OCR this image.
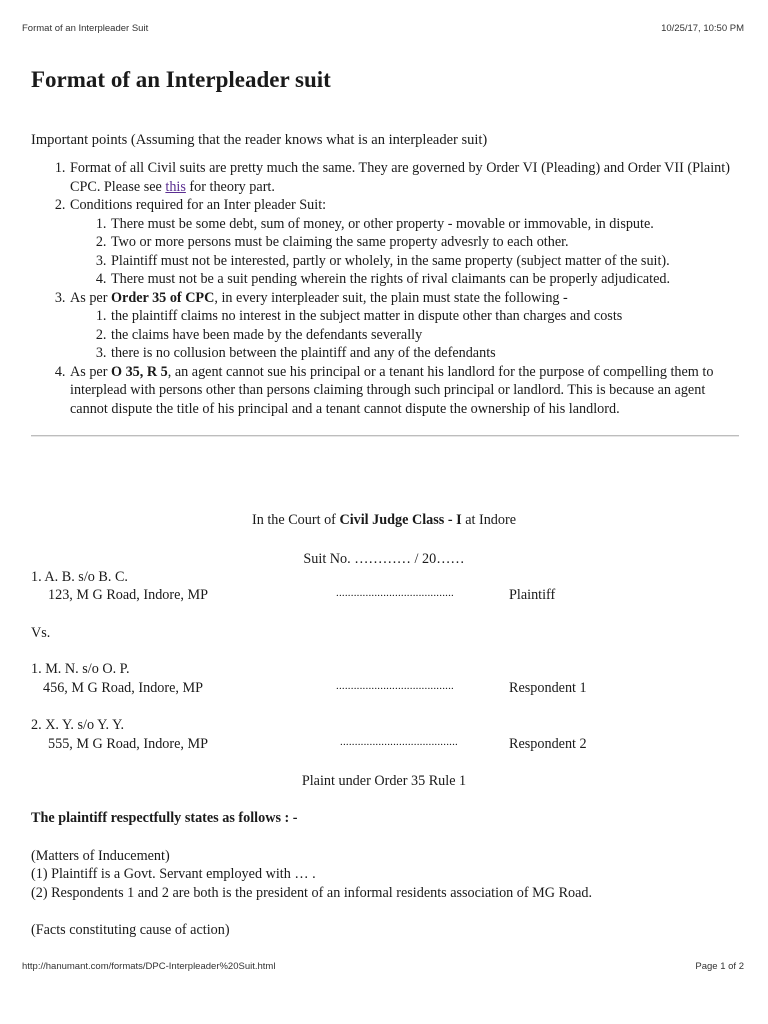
Format of an Interpleader Suit	10/25/17, 10:50 PM
Format of an Interpleader suit

Important points (Assuming that the reader knows what is an interpleader suit)

1. Format of all Civil suits are pretty much the same. They are governed by Order VI (Pleading) and Order VII (Plaint) CPC. Please see this for theory part.
2. Conditions required for an Inter pleader Suit:
1. There must be some debt, sum of money, or other property - movable or immovable, in dispute.
2. Two or more persons must be claiming the same property advesrly to each other.
3. Plaintiff must not be interested, partly or wholely, in the same property (subject matter of the suit).
4. There must not be a suit pending wherein the rights of rival claimants can be properly adjudicated.
3. As per Order 35 of CPC, in every interpleader suit, the plain must state the following -
1. the plaintiff claims no interest in the subject matter in dispute other than charges and costs
2. the claims have been made by the defendants severally
3. there is no collusion between the plaintiff and any of the defendants
4. As per O 35, R 5, an agent cannot sue his principal or a tenant his landlord for the purpose of compelling them to interplead with persons other than persons claiming through such principal or landlord. This is because an agent cannot dispute the title of his principal and a tenant cannot dispute the ownership of his landlord.
In the Court of Civil Judge Class - I at Indore
Suit No. ………… / 20……
1. A. B. s/o B. C.
123, M G Road, Indore, MP	........................................	Plaintiff
Vs.
1. M. N. s/o O. P.
456, M G Road, Indore, MP	........................................	Respondent 1
2. X. Y. s/o Y. Y.
555, M G Road, Indore, MP	........................................	Respondent 2
Plaint under Order 35 Rule 1
The plaintiff respectfully states as follows : -
(Matters of Inducement)
(1) Plaintiff is a Govt. Servant employed with … .
(2) Respondents 1 and 2 are both is the president of an informal residents association of MG Road.
(Facts constituting cause of action)
http://hanumant.com/formats/DPC-Interpleader%20Suit.html	Page 1 of 2
